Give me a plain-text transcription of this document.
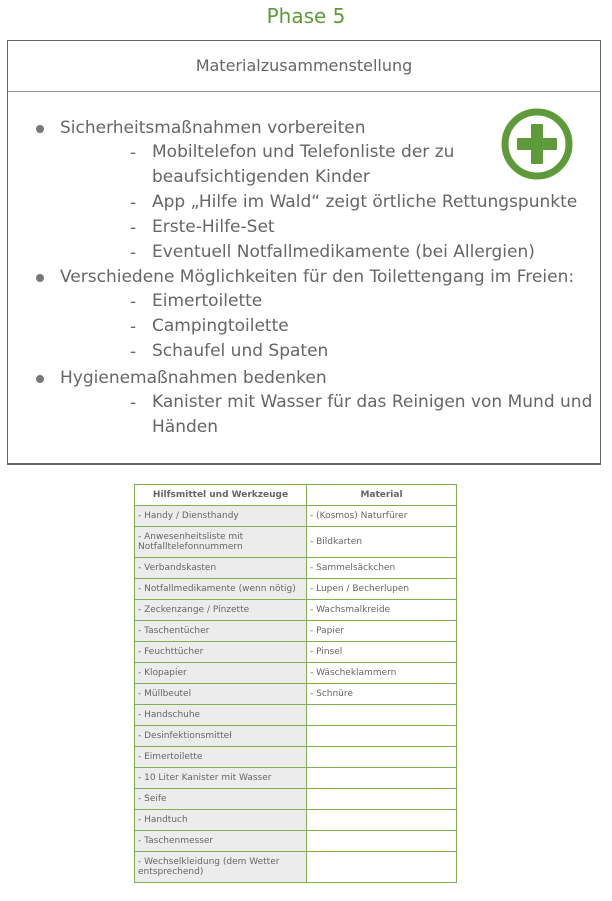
Phase 5
Materialzusammenstellung
Sicherheitsmaßnahmen vorbereiten
- Mobiltelefon und Telefonliste der zu
beaufsichtigenden Kinder
- App „Hilfe im Wald“ zeigt örtliche Rettungspunkte
- Erste-Hilfe-Set
- Eventuell Notfallmedikamente (bei Allergien)
Verschiedene Möglichkeiten für den Toilettengang im Freien:
- Eimertoilette
- Campingtoilette
- Schaufel und Spaten
Hygienemaßnahmen bedenken
- Kanister mit Wasser für das Reinigen von Mund und
Händen
Hilfsmittel und Werkzeuge	Material
- Handy / Diensthandy	- (Kosmos) Naturfürer
- Anwesenheitsliste mit Notfalltelefonnummern	- Bildkarten
- Verbandskasten	- Sammelsäckchen
- Notfallmedikamente (wenn nötig)	- Lupen / Becherlupen
- Zeckenzange / Pinzette	- Wachsmalkreide
- Taschentücher	- Papier
- Feuchttücher	- Pinsel
- Klopapier	- Wäscheklammern
- Müllbeutel	- Schnüre
- Handschuhe	
- Desinfektionsmittel	
- Eimertoilette	
- 10 Liter Kanister mit Wasser	
- Seife	
- Handtuch	
- Taschenmesser	
- Wechselkleidung (dem Wetter entsprechend)	
